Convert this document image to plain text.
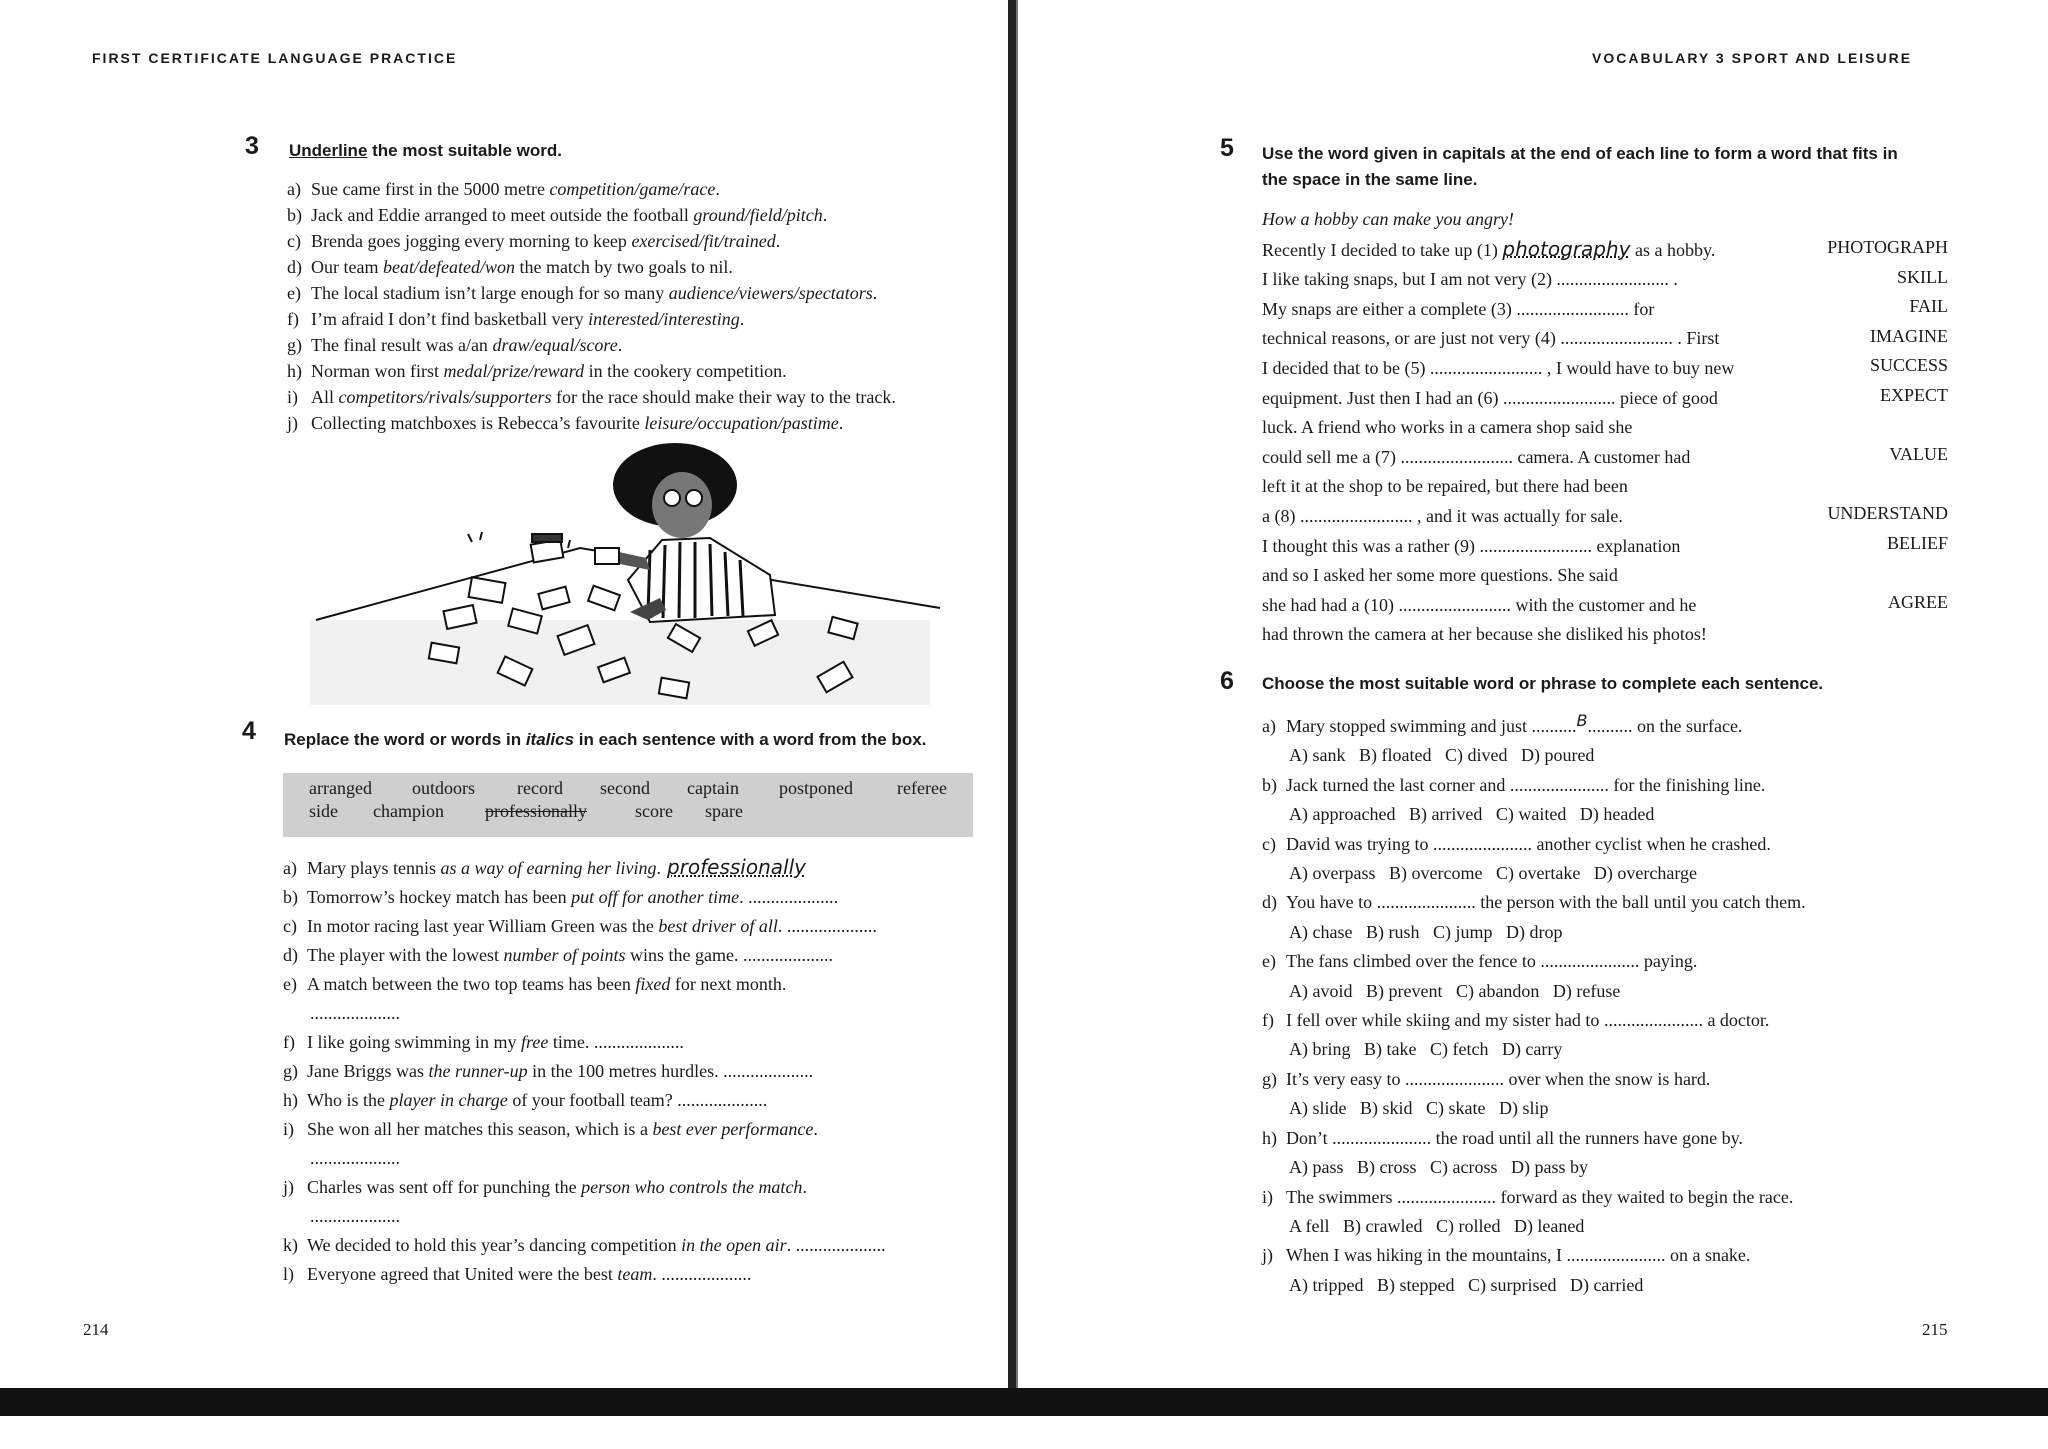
FIRST CERTIFICATE LANGUAGE PRACTICE
3 Underline the most suitable word.
a) Sue came first in the 5000 metre competition/game/race.
b) Jack and Eddie arranged to meet outside the football ground/field/pitch.
c) Brenda goes jogging every morning to keep exercised/fit/trained.
d) Our team beat/defeated/won the match by two goals to nil.
e) The local stadium isn’t large enough for so many audience/viewers/spectators.
f) I’m afraid I don’t find basketball very interested/interesting.
g) The final result was a/an draw/equal/score.
h) Norman won first medal/prize/reward in the cookery competition.
i) All competitors/rivals/supporters for the race should make their way to the track.
j) Collecting matchboxes is Rebecca’s favourite leisure/occupation/pastime.
4 Replace the word or words in italics in each sentence with a word from the box.
arranged outdoors record second captain postponed referee
side champion professionally	score spare
a) Mary plays tennis as a way of earning her living. professionally
b) Tomorrow’s hockey match has been put off for another time. ....................
c) In motor racing last year William Green was the best driver of all. ....................
d) The player with the lowest number of points wins the game. ....................
e) A match between the two top teams has been fixed for next month.
....................
f) I like going swimming in my free time. ....................
g) Jane Briggs was the runner-up in the 100 metres hurdles. ....................
h) Who is the player in charge of your football team? ....................
i) She won all her matches this season, which is a best ever performance.
....................
j) Charles was sent off for punching the person who controls the match.
....................
k) We decided to hold this year’s dancing competition in the open air. ....................
l) Everyone agreed that United were the best team. ....................
214
VOCABULARY 3 SPORT AND LEISURE
5 Use the word given in capitals at the end of each line to form a word that fits in
the space in the same line.
How a hobby can make you angry!
Recently I decided to take up (1) photography as a hobby.
I like taking snaps, but I am not very (2) ......................... .
My snaps are either a complete (3) ......................... for
technical reasons, or are just not very (4) ......................... . First
I decided that to be (5) ......................... , I would have to buy new
equipment. Just then I had an (6) ......................... piece of good
luck. A friend who works in a camera shop said she
could sell me a (7) ......................... camera. A customer had
left it at the shop to be repaired, but there had been
a (8) ......................... , and it was actually for sale.
I thought this was a rather (9) ......................... explanation
and so I asked her some more questions. She said
she had had a (10) ......................... with the customer and he
had thrown the camera at her because she disliked his photos!
PHOTOGRAPH
SKILL
FAIL
IMAGINE
SUCCESS
EXPECT
VALUE
UNDERSTAND
BELIEF
AGREE
6 Choose the most suitable word or phrase to complete each sentence.
a) Mary stopped swimming and just ..........B.......... on the surface.
A) sank   B) floated   C) dived   D) poured
b) Jack turned the last corner and ...................... for the finishing line.
A) approached   B) arrived   C) waited   D) headed
c) David was trying to ...................... another cyclist when he crashed.
A) overpass   B) overcome   C) overtake   D) overcharge
d) You have to ...................... the person with the ball until you catch them.
A) chase   B) rush   C) jump   D) drop
e) The fans climbed over the fence to ...................... paying.
A) avoid   B) prevent   C) abandon   D) refuse
f) I fell over while skiing and my sister had to ...................... a doctor.
A) bring   B) take   C) fetch   D) carry
g) It’s very easy to ...................... over when the snow is hard.
A) slide   B) skid   C) skate   D) slip
h) Don’t ...................... the road until all the runners have gone by.
A) pass   B) cross   C) across   D) pass by
i) The swimmers ...................... forward as they waited to begin the race.
A fell   B) crawled   C) rolled   D) leaned
j) When I was hiking in the mountains, I ...................... on a snake.
A) tripped   B) stepped   C) surprised   D) carried
215
